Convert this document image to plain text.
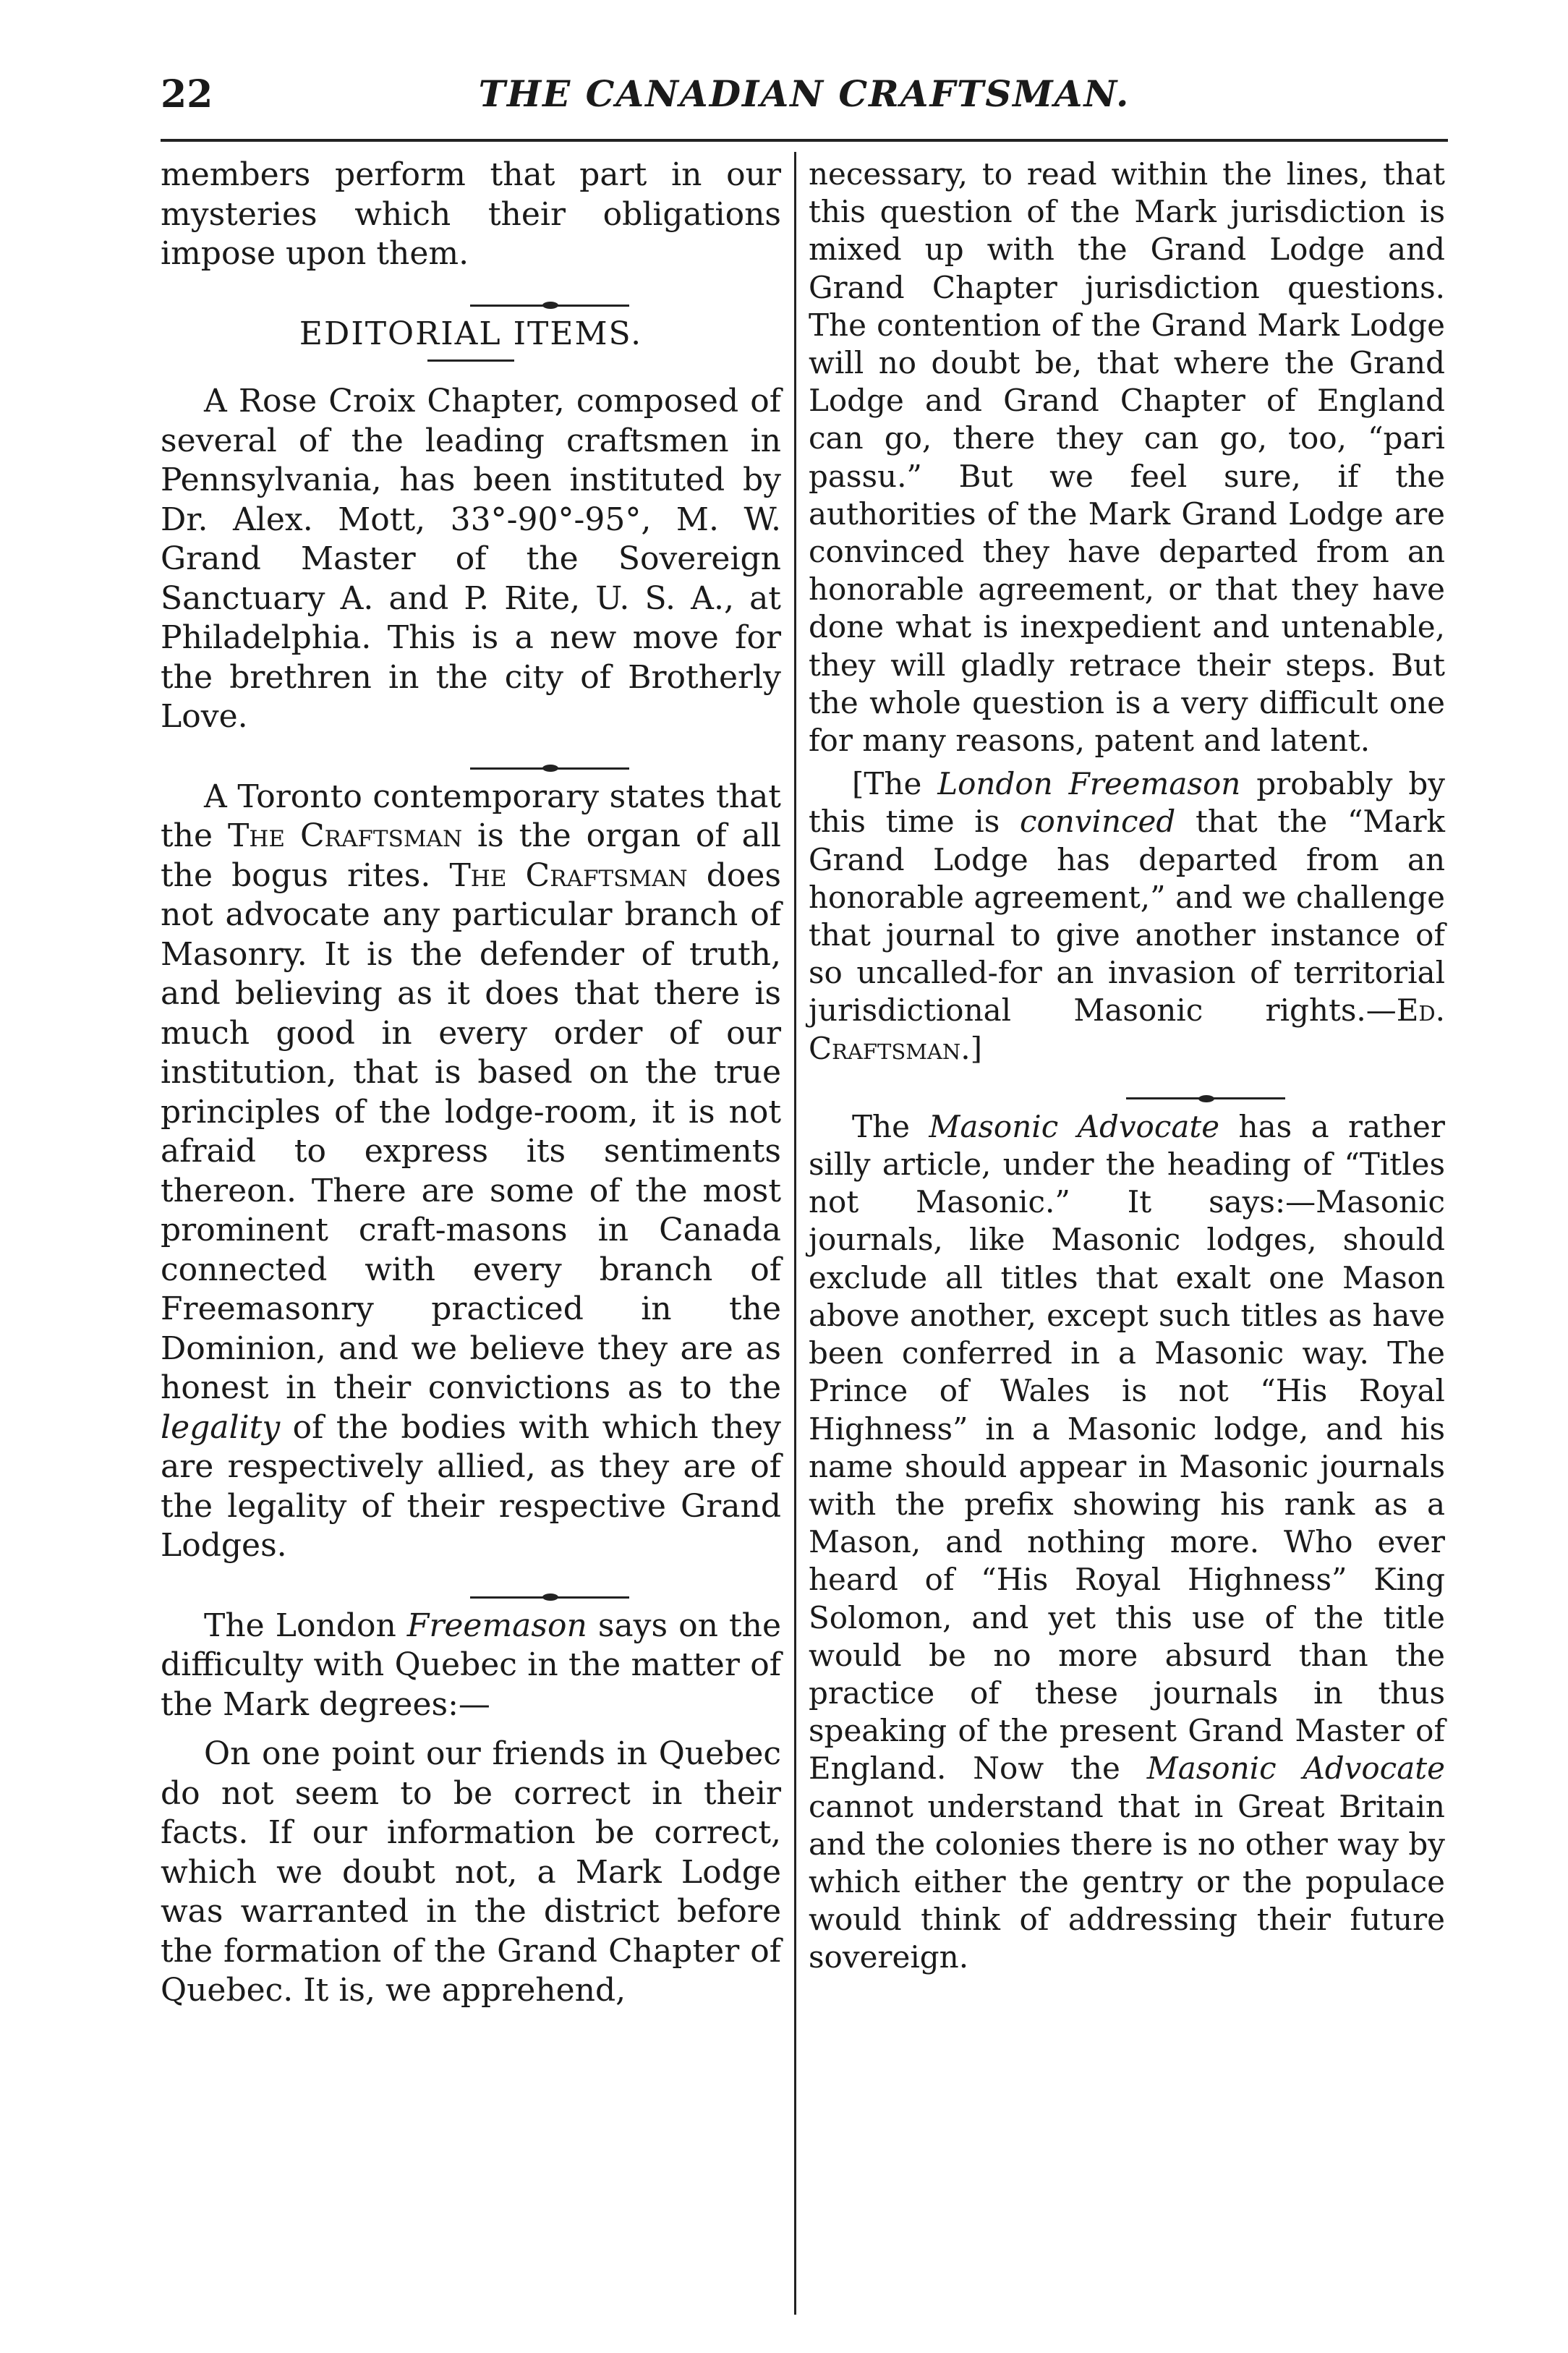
22	THE CANADIAN CRAFTSMAN.

members perform that part in our mysteries which their obligations impose upon them.

EDITORIAL ITEMS.

A Rose Croix Chapter, composed of several of the leading craftsmen in Pennsylvania, has been instituted by Dr. Alex. Mott, 33°-90°-95°, M. W. Grand Master of the Sovereign Sanctuary A. and P. Rite, U. S. A., at Philadelphia. This is a new move for the brethren in the city of Brotherly Love.

A Toronto contemporary states that the The Craftsman is the organ of all the bogus rites. The Craftsman does not advocate any particular branch of Masonry. It is the defender of truth, and believing as it does that there is much good in every order of our institution, that is based on the true principles of the lodge-room, it is not afraid to express its sentiments thereon. There are some of the most prominent craft-masons in Canada connected with every branch of Freemasonry practiced in the Dominion, and we believe they are as honest in their convictions as to the legality of the bodies with which they are respectively allied, as they are of the legality of their respective Grand Lodges.

The London Freemason says on the difficulty with Quebec in the matter of the Mark degrees:—

On one point our friends in Quebec do not seem to be correct in their facts. If our information be correct, which we doubt not, a Mark Lodge was warranted in the district before the formation of the Grand Chapter of Quebec. It is, we apprehend,

necessary, to read within the lines, that this question of the Mark jurisdiction is mixed up with the Grand Lodge and Grand Chapter jurisdiction questions. The contention of the Grand Mark Lodge will no doubt be, that where the Grand Lodge and Grand Chapter of England can go, there they can go, too, “pari passu.” But we feel sure, if the authorities of the Mark Grand Lodge are convinced they have departed from an honorable agreement, or that they have done what is inexpedient and untenable, they will gladly retrace their steps. But the whole question is a very difficult one for many reasons, patent and latent.

[The London Freemason probably by this time is convinced that the “Mark Grand Lodge has departed from an honorable agreement,” and we challenge that journal to give another instance of so uncalled-for an invasion of territorial jurisdictional Masonic rights.—Ed. Craftsman.]

The Masonic Advocate has a rather silly article, under the heading of “Titles not Masonic.” It says:—Masonic journals, like Masonic lodges, should exclude all titles that exalt one Mason above another, except such titles as have been conferred in a Masonic way. The Prince of Wales is not “His Royal Highness” in a Masonic lodge, and his name should appear in Masonic journals with the prefix showing his rank as a Mason, and nothing more. Who ever heard of “His Royal Highness” King Solomon, and yet this use of the title would be no more absurd than the practice of these journals in thus speaking of the present Grand Master of England. Now the Masonic Advocate cannot understand that in Great Britain and the colonies there is no other way by which either the gentry or the populace would think of addressing their future sovereign.
